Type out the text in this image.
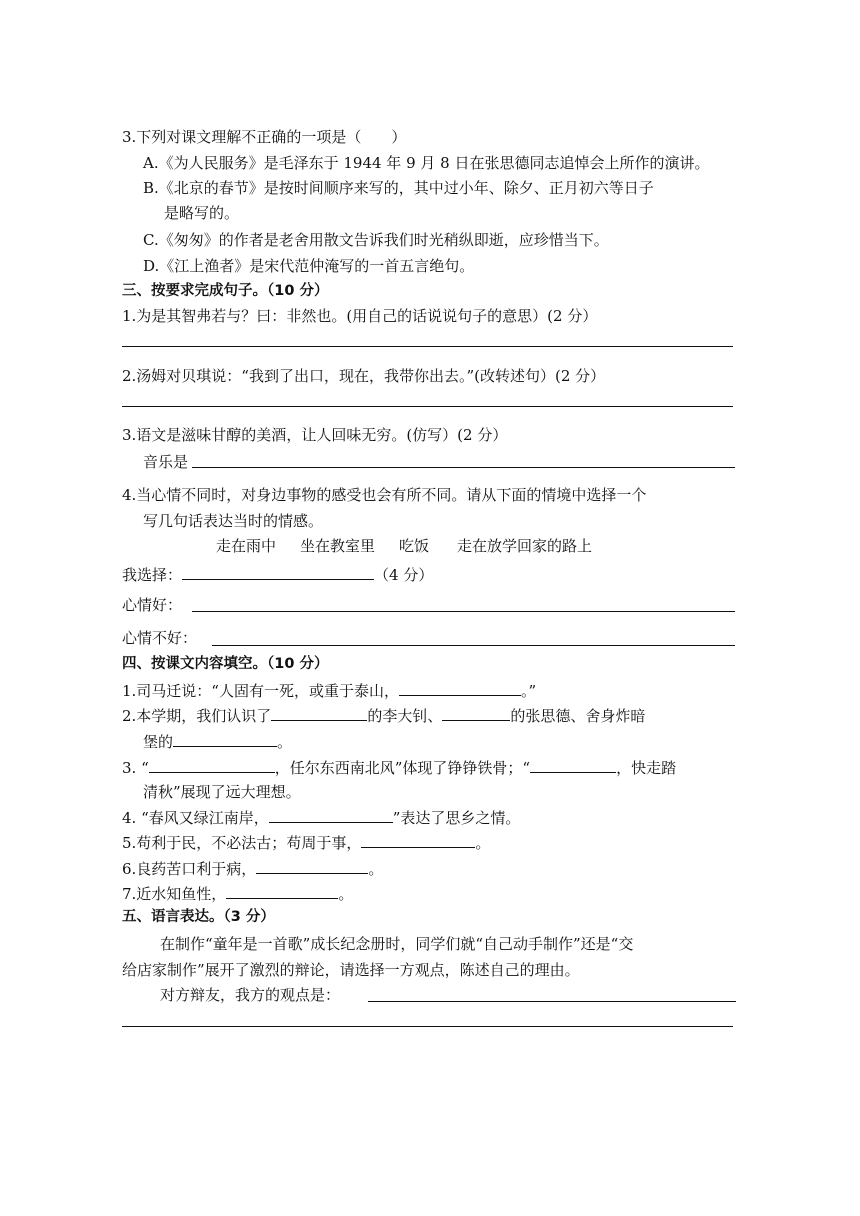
3.下列对课文理解不正确的一项是（　　）
A.《为人民服务》是毛泽东于 1944 年 9 月 8 日在张思德同志追悼会上所作的演讲。
B.《北京的春节》是按时间顺序来写的，其中过小年、除夕、正月初六等日子
是略写的。
C.《匆匆》的作者是老舍用散文告诉我们时光稍纵即逝，应珍惜当下。
D.《江上渔者》是宋代范仲淹写的一首五言绝句。
三、按要求完成句子。（10 分）
1.为是其智弗若与？曰：非然也。(用自己的话说说句子的意思）(2 分）
2.汤姆对贝琪说：“我到了出口，现在，我带你出去。”(改转述句）(2 分）
3.语文是滋味甘醇的美酒，让人回味无穷。(仿写）(2 分）
音乐是
4.当心情不同时，对身边事物的感受也会有所不同。请从下面的情境中选择一个
写几句话表达当时的情感。
走在雨中 坐在教室里 吃饭 走在放学回家的路上
我选择：	（4 分）
心情好：
心情不好：
四、按课文内容填空。（10 分）
1.司马迁说：“人固有一死，或重于泰山，	。”
2.本学期，我们认识了	的李大钊、	的张思德、舍身炸暗
堡的	。
3. “	，任尔东西南北风”体现了铮铮铁骨；“	，快走踏
清秋”展现了远大理想。
4. “春风又绿江南岸，	”表达了思乡之情。
5.苟利于民，不必法古；苟周于事，	。
6.良药苦口利于病，	。
7.近水知鱼性，	。
五、语言表达。（3 分）
在制作“童年是一首歌”成长纪念册时，同学们就“自己动手制作”还是“交
给店家制作”展开了激烈的辩论，请选择一方观点，陈述自己的理由。
对方辩友，我方的观点是：
